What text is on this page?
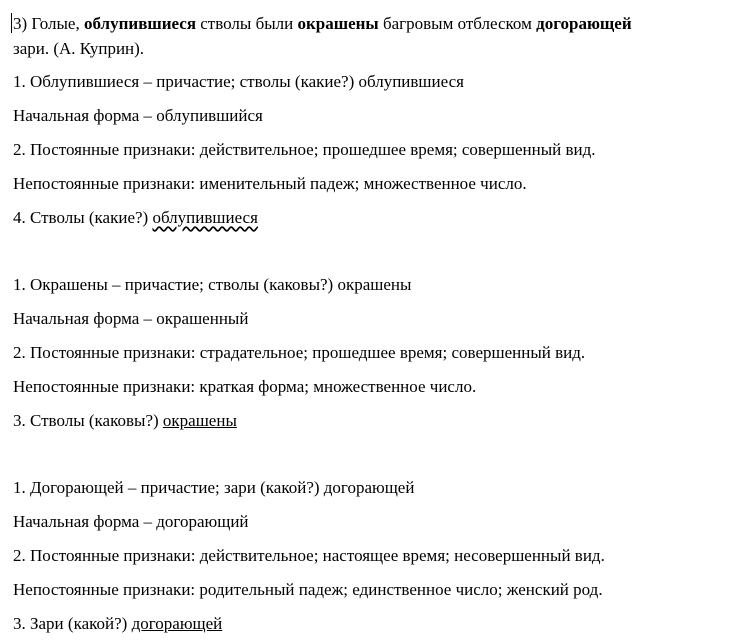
3) Голые, облупившиеся стволы были окрашены багровым отблеском догорающей
зари. (А. Куприн).
1. Облупившиеся – причастие; стволы (какие?) облупившиеся
Начальная форма – облупившийся
2. Постоянные признаки: действительное; прошедшее время; совершенный вид.
Непостоянные признаки: именительный падеж; множественное число.
4. Стволы (какие?) облупившиеся
1. Окрашены – причастие; стволы (каковы?) окрашены
Начальная форма – окрашенный
2. Постоянные признаки: страдательное; прошедшее время; совершенный вид.
Непостоянные признаки: краткая форма; множественное число.
3. Стволы (каковы?) окрашены
1. Догорающей – причастие; зари (какой?) догорающей
Начальная форма – догорающий
2. Постоянные признаки: действительное; настоящее время; несовершенный вид.
Непостоянные признаки: родительный падеж; единственное число; женский род.
3. Зари (какой?) догорающей
